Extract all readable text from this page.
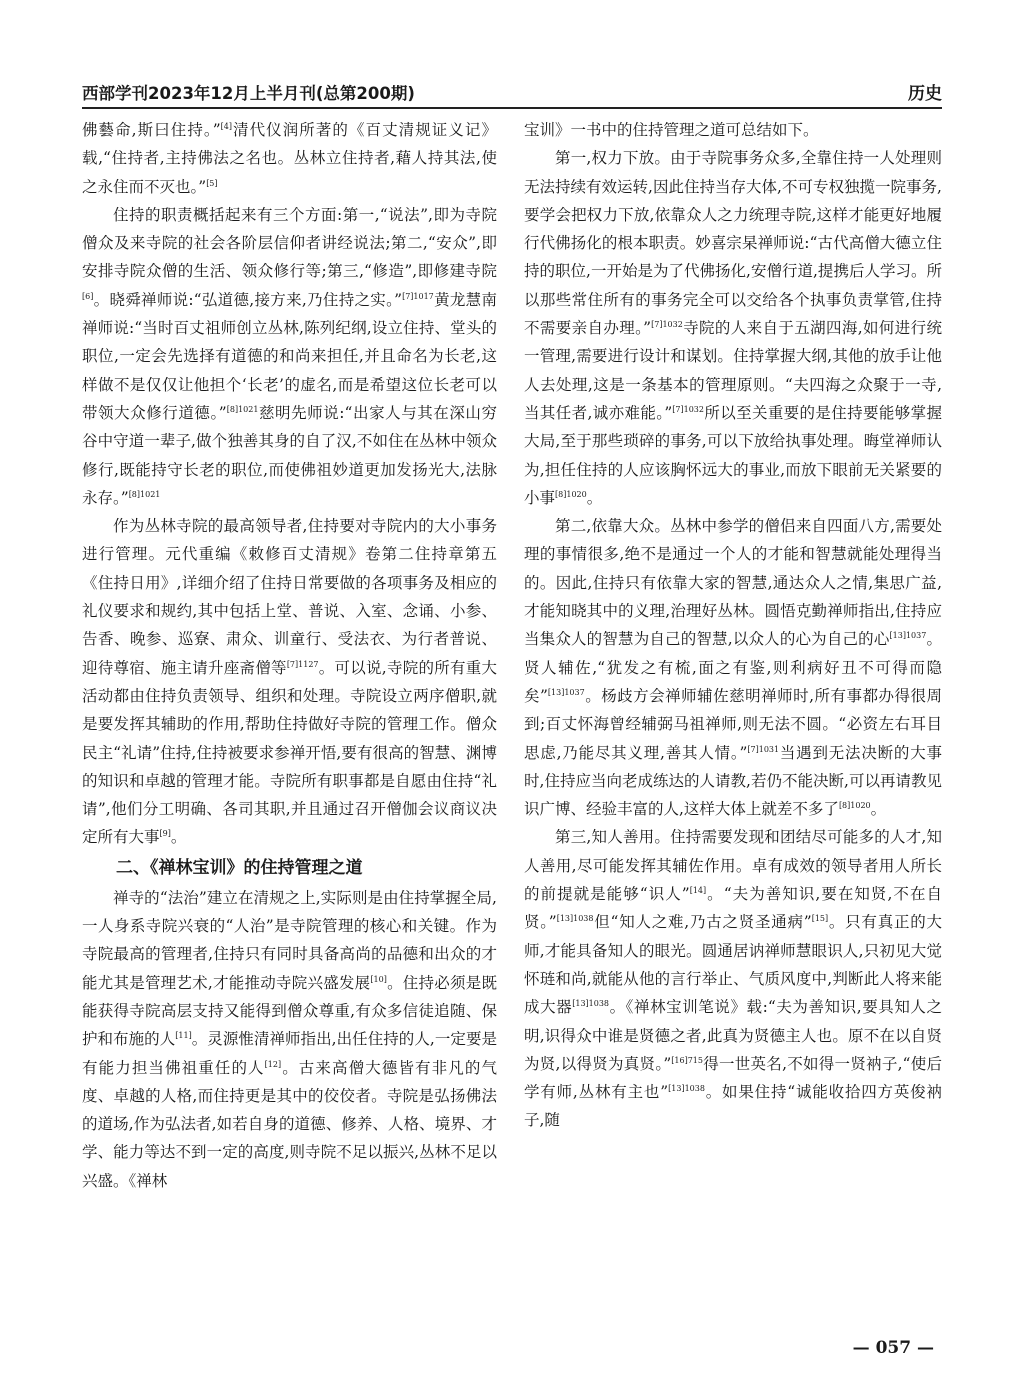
西部学刊2023年12月上半月刊(总第200期)	历史

佛藝命,斯曰住持。”[4]清代仪润所著的《百丈清规证义记》载,“住持者,主持佛法之名也。丛林立住持者,藉人持其法,使之永住而不灭也。”[5]

住持的职责概括起来有三个方面:第一,“说法”,即为寺院僧众及来寺院的社会各阶层信仰者讲经说法;第二,“安众”,即安排寺院众僧的生活、领众修行等;第三,“修造”,即修建寺院[6]。晓舜禅师说:“弘道德,接方来,乃住持之实。”$^{[7]1017}$黄龙慧南禅师说:“当时百丈祖师创立丛林,陈列纪纲,设立住持、堂头的职位,一定会先选择有道德的和尚来担任,并且命名为长老,这样做不是仅仅让他担个‘长老’的虚名,而是希望这位长老可以带领大众修行道德。”$^{[8]1021}$慈明先师说:“出家人与其在深山穷谷中守道一辈子,做个独善其身的自了汉,不如住在丛林中领众修行,既能持守长老的职位,而使佛祖妙道更加发扬光大,法脉永存。”$^{[8]1021}$

作为丛林寺院的最高领导者,住持要对寺院内的大小事务进行管理。元代重编《敕修百丈清规》卷第二住持章第五《住持日用》,详细介绍了住持日常要做的各项事务及相应的礼仪要求和规约,其中包括上堂、普说、入室、念诵、小参、告香、晚参、巡寮、肃众、训童行、受法衣、为行者普说、迎待尊宿、施主请升座斋僧等$^{[7]1127}$。可以说,寺院的所有重大活动都由住持负责领导、组织和处理。寺院设立两序僧职,就是要发挥其辅助的作用,帮助住持做好寺院的管理工作。僧众民主“礼请”住持,住持被要求参禅开悟,要有很高的智慧、渊博的知识和卓越的管理才能。寺院所有职事都是自愿由住持“礼请”,他们分工明确、各司其职,并且通过召开僧伽会议商议决定所有大事[9]。

二、《禅林宝训》的住持管理之道

禅寺的“法治”建立在清规之上,实际则是由住持掌握全局,一人身系寺院兴衰的“人治”是寺院管理的核心和关键。作为寺院最高的管理者,住持只有同时具备高尚的品德和出众的才能尤其是管理艺术,才能推动寺院兴盛发展[10]。住持必须是既能获得寺院高层支持又能得到僧众尊重,有众多信徒追随、保护和布施的人[11]。灵源惟清禅师指出,出任住持的人,一定要是有能力担当佛祖重任的人[12]。古来高僧大德皆有非凡的气度、卓越的人格,而住持更是其中的佼佼者。寺院是弘扬佛法的道场,作为弘法者,如若自身的道德、修养、人格、境界、才学、能力等达不到一定的高度,则寺院不足以振兴,丛林不足以兴盛。《禅林

宝训》一书中的住持管理之道可总结如下。

第一,权力下放。由于寺院事务众多,全靠住持一人处理则无法持续有效运转,因此住持当存大体,不可专权独揽一院事务,要学会把权力下放,依靠众人之力统理寺院,这样才能更好地履行代佛扬化的根本职责。妙喜宗杲禅师说:“古代高僧大德立住持的职位,一开始是为了代佛扬化,安僧行道,提携后人学习。所以那些常住所有的事务完全可以交给各个执事负责掌管,住持不需要亲自办理。”$^{[7]1032}$寺院的人来自于五湖四海,如何进行统一管理,需要进行设计和谋划。住持掌握大纲,其他的放手让他人去处理,这是一条基本的管理原则。“夫四海之众聚于一寺,当其任者,诚亦难能。”$^{[7]1032}$所以至关重要的是住持要能够掌握大局,至于那些琐碎的事务,可以下放给执事处理。晦堂禅师认为,担任住持的人应该胸怀远大的事业,而放下眼前无关紧要的小事$^{[8]1020}$。

第二,依靠大众。丛林中参学的僧侣来自四面八方,需要处理的事情很多,绝不是通过一个人的才能和智慧就能处理得当的。因此,住持只有依靠大家的智慧,通达众人之情,集思广益,才能知晓其中的义理,治理好丛林。圆悟克勤禅师指出,住持应当集众人的智慧为自己的智慧,以众人的心为自己的心$^{[13]1037}$。贤人辅佐,“犹发之有梳,面之有鉴,则利病好丑不可得而隐矣”$^{[13]1037}$。杨歧方会禅师辅佐慈明禅师时,所有事都办得很周到;百丈怀海曾经辅弼马祖禅师,则无法不圆。“必资左右耳目思虑,乃能尽其义理,善其人情。”$^{[7]1031}$当遇到无法决断的大事时,住持应当向老成练达的人请教,若仍不能决断,可以再请教见识广博、经验丰富的人,这样大体上就差不多了$^{[8]1020}$。

第三,知人善用。住持需要发现和团结尽可能多的人才,知人善用,尽可能发挥其辅佐作用。卓有成效的领导者用人所长的前提就是能够“识人”[14]。“夫为善知识,要在知贤,不在自贤。”$^{[13]1038}$但“知人之难,乃古之贤圣通病”[15]。只有真正的大师,才能具备知人的眼光。圆通居讷禅师慧眼识人,只初见大觉怀琏和尚,就能从他的言行举止、气质风度中,判断此人将来能成大器$^{[13]1038}$。《禅林宝训笔说》载:“夫为善知识,要具知人之明,识得众中谁是贤德之者,此真为贤德主人也。原不在以自贤为贤,以得贤为真贤。”$^{[16]715}$得一世英名,不如得一贤衲子,“使后学有师,丛林有主也”$^{[13]1038}$。如果住持“诚能收拾四方英俊衲子,随

— 057 —
